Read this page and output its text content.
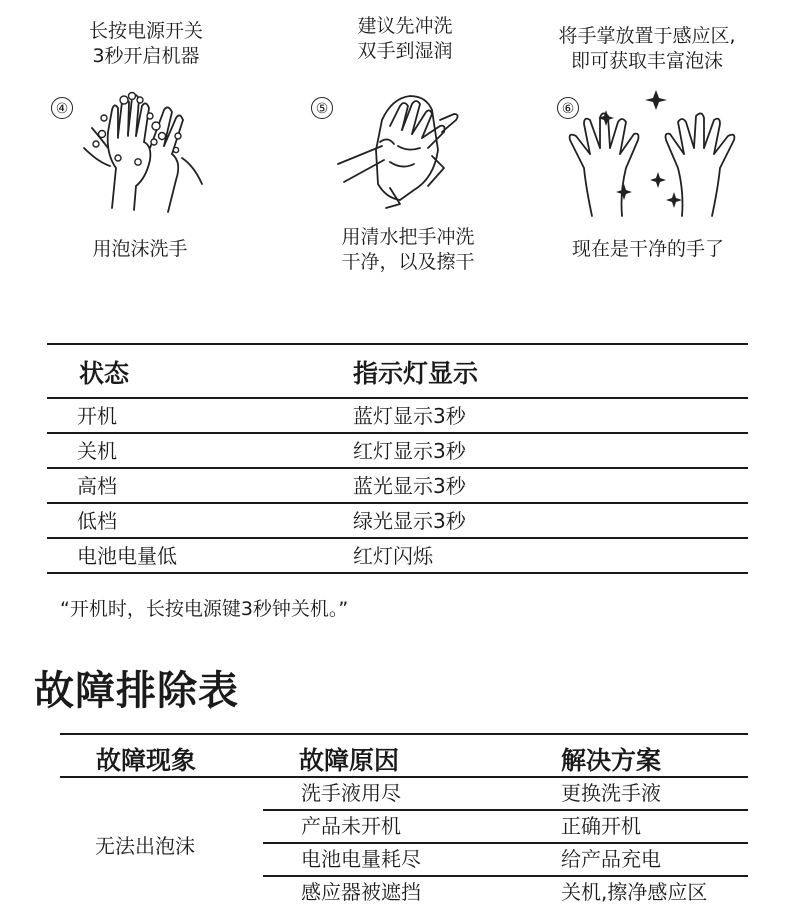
长按电源开关
3秒开启机器
建议先冲洗
双手到湿润
将手掌放置于感应区,
即可获取丰富泡沫
④
用泡沫洗手
⑤
用清水把手冲洗
干净，以及擦干
⑥
现在是干净的手了
状态	指示灯显示
开机	蓝灯显示3秒
关机	红灯显示3秒
高档	蓝光显示3秒
低档	绿光显示3秒
电池电量低	红灯闪烁
“开机时，长按电源键3秒钟关机。”
故障排除表
故障现象	故障原因	解决方案
无法出泡沫
洗手液用尽	更换洗手液
产品未开机	正确开机
电池电量耗尽	给产品充电
感应器被遮挡	关机,擦净感应区
